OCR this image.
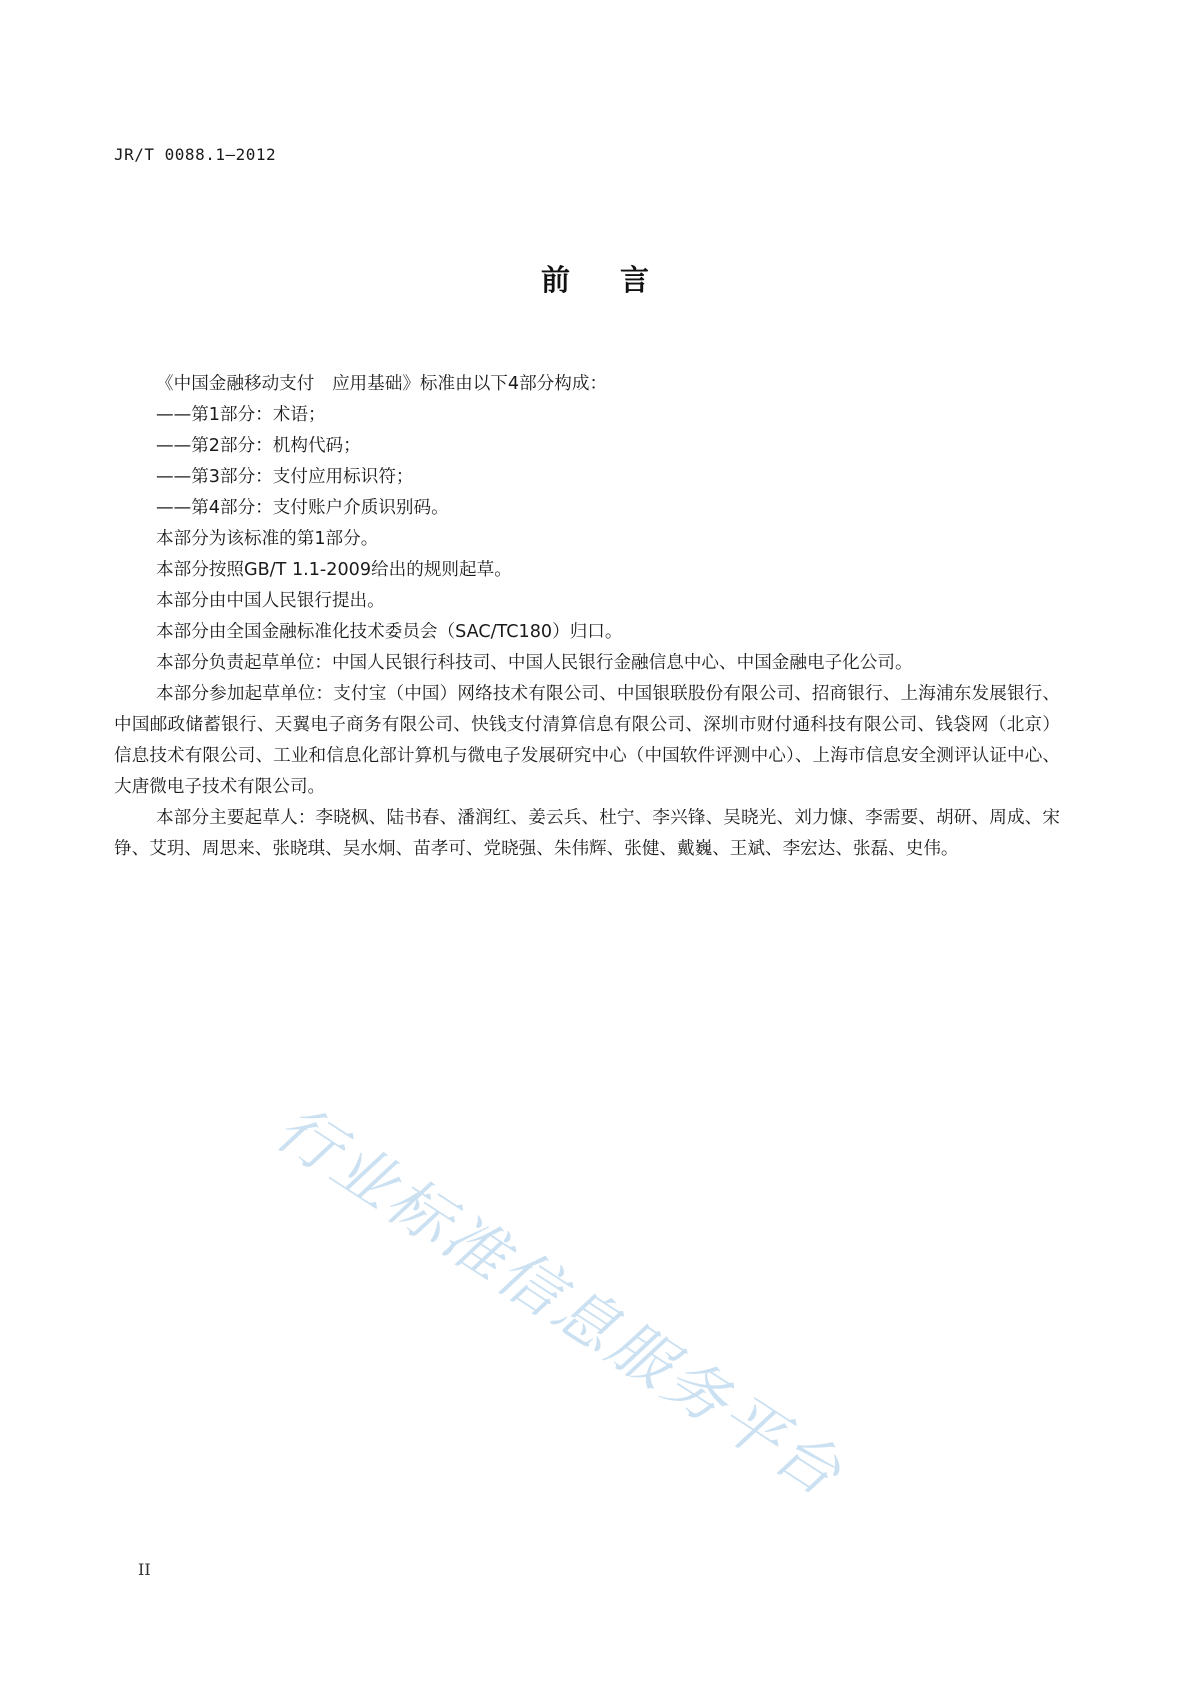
JR/T 0088.1—2012
前言

《中国金融移动支付　应用基础》标准由以下4部分构成：

——第1部分：术语；

——第2部分：机构代码；

——第3部分：支付应用标识符；

——第4部分：支付账户介质识别码。

本部分为该标准的第1部分。

本部分按照GB/T 1.1-2009给出的规则起草。

本部分由中国人民银行提出。

本部分由全国金融标准化技术委员会（SAC/TC180）归口。

本部分负责起草单位：中国人民银行科技司、中国人民银行金融信息中心、中国金融电子化公司。

本部分参加起草单位：支付宝（中国）网络技术有限公司、中国银联股份有限公司、招商银行、上海浦东发展银行、中国邮政储蓄银行、天翼电子商务有限公司、快钱支付清算信息有限公司、深圳市财付通科技有限公司、钱袋网（北京）信息技术有限公司、工业和信息化部计算机与微电子发展研究中心（中国软件评测中心）、上海市信息安全测评认证中心、大唐微电子技术有限公司。

本部分主要起草人：李晓枫、陆书春、潘润红、姜云兵、杜宁、李兴锋、吴晓光、刘力慷、李需要、胡研、周成、宋铮、艾玥、周思来、张晓琪、吴水炯、苗孝可、党晓强、朱伟辉、张健、戴巍、王斌、李宏达、张磊、史伟。

行业标准信息服务平台
II
